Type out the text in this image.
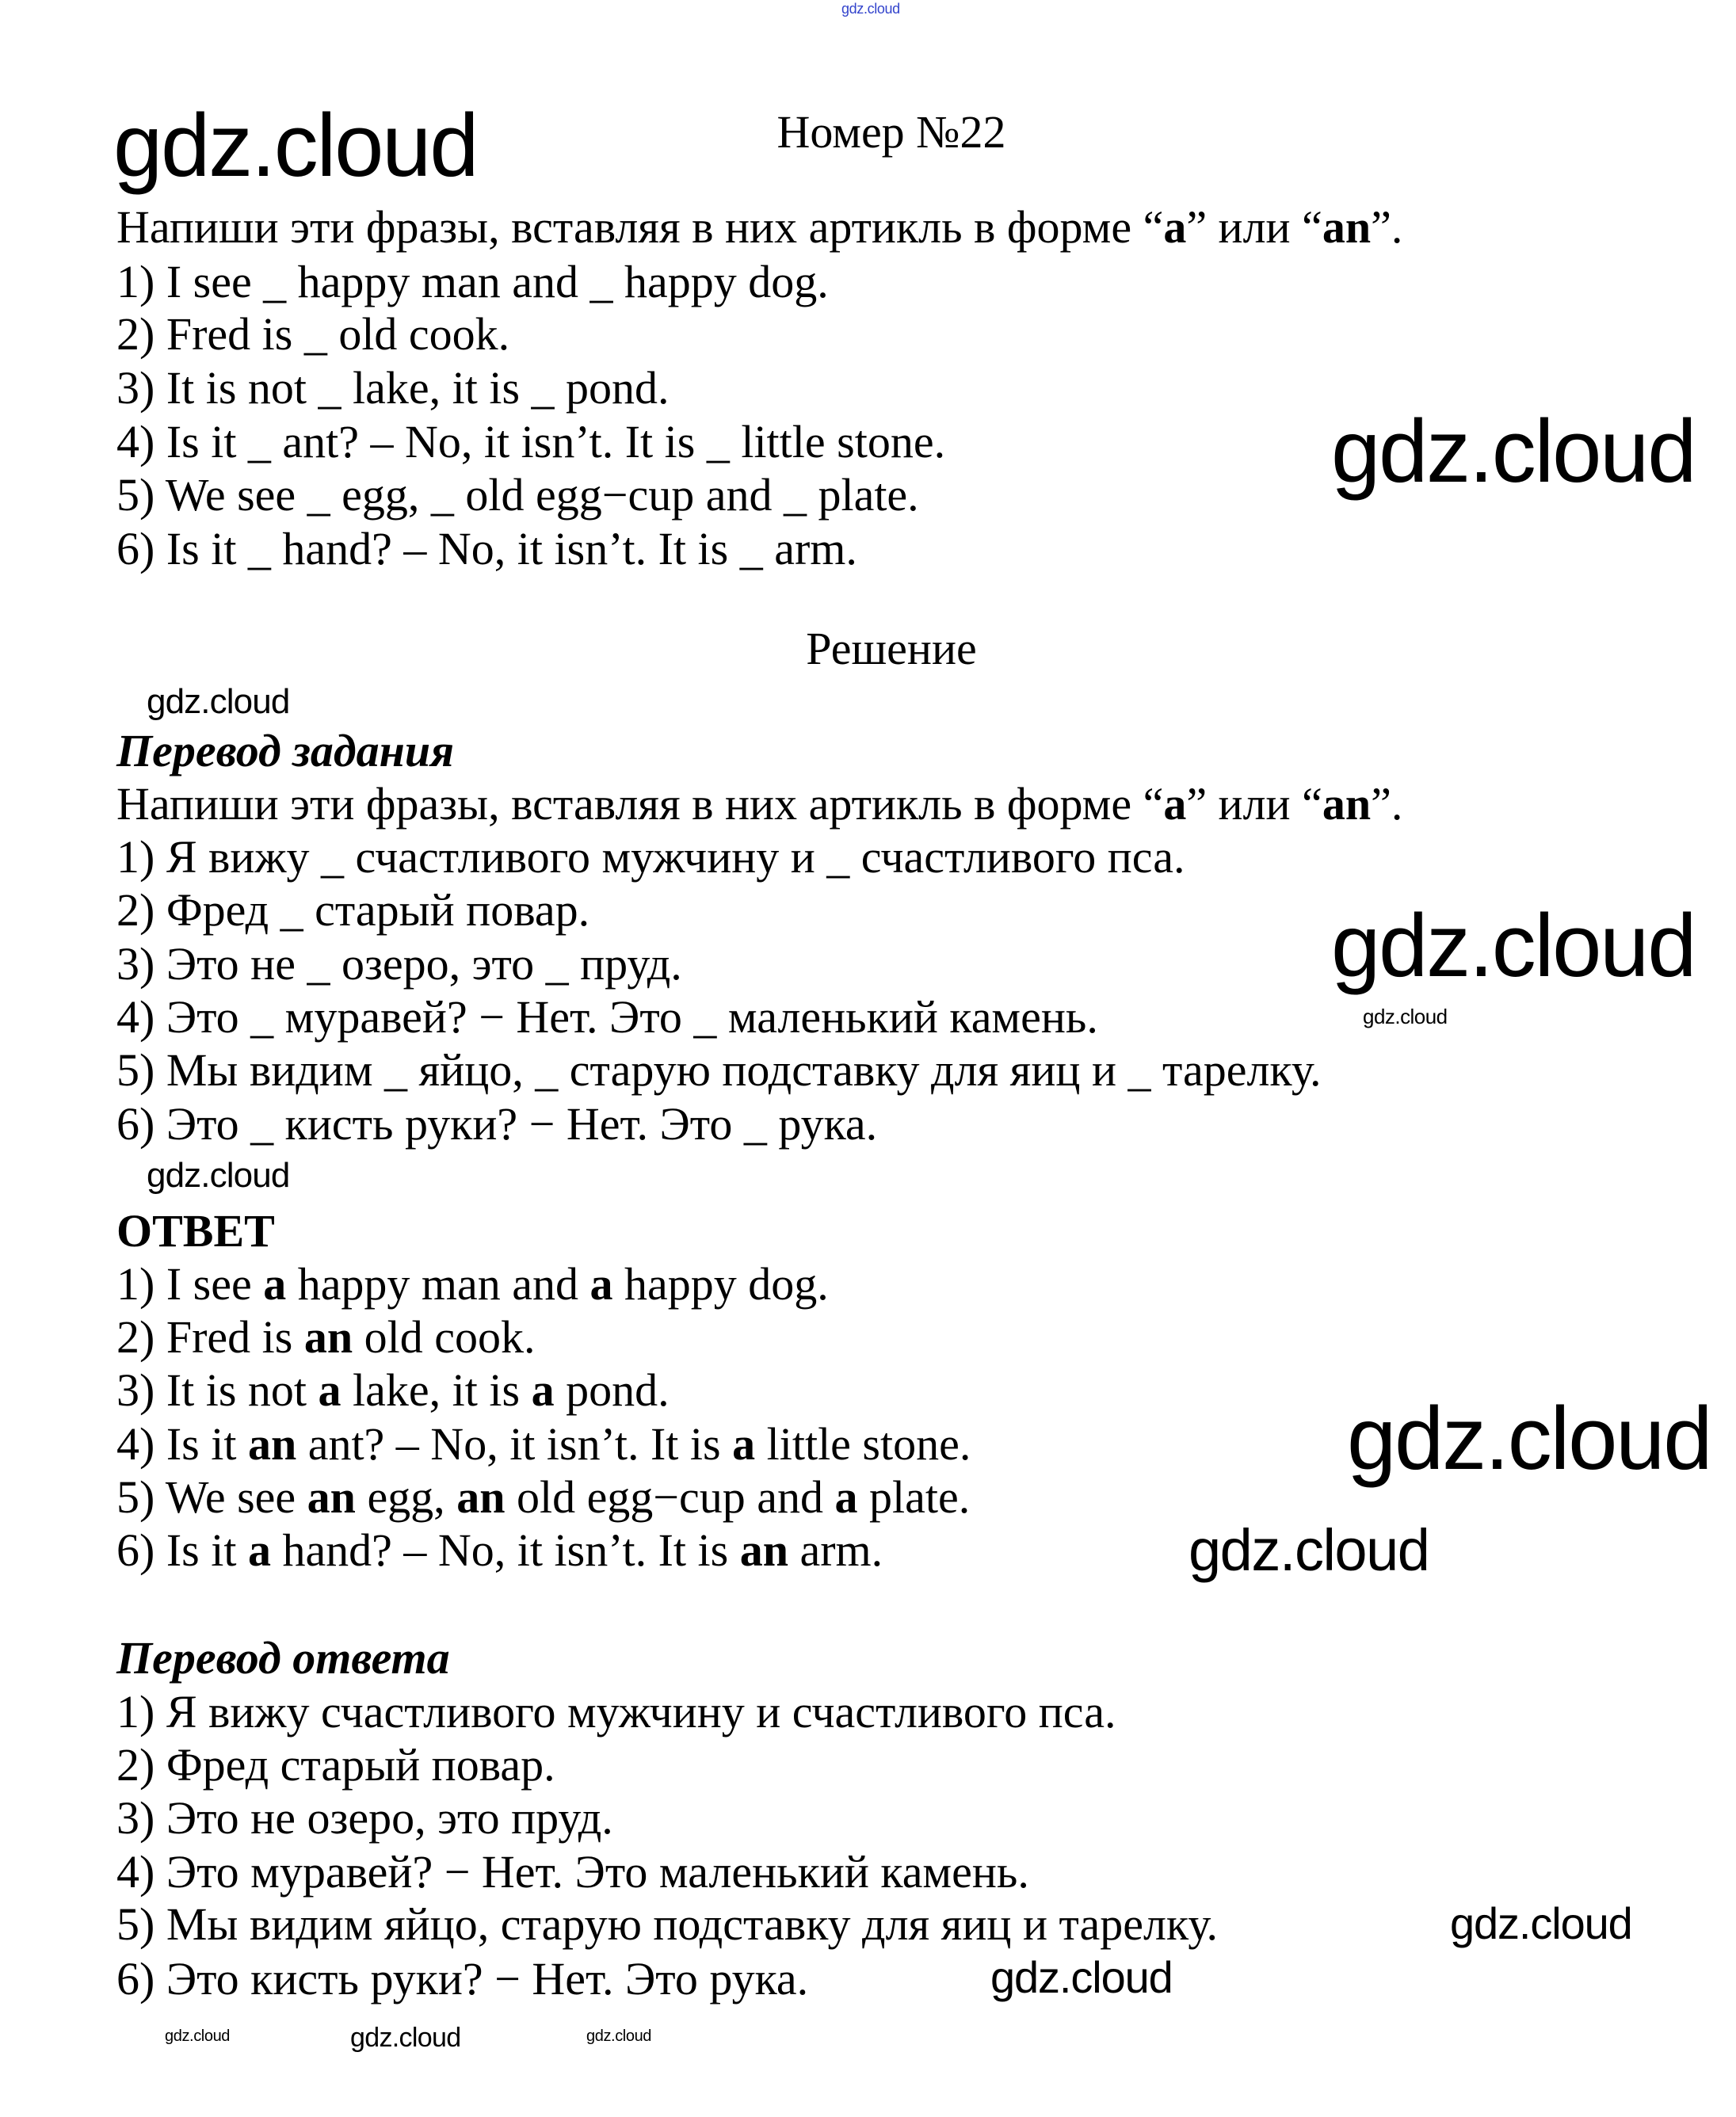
Номер №22
Напиши эти фразы, вставляя в них артикль в форме “a” или “an”.
1) I see _ happy man and _ happy dog.
2) Fred is _ old cook.
3) It is not _ lake, it is _ pond.
4) Is it _ ant? – No, it isn’t. It is _ little stone.
5) We see _ egg, _ old egg−cup and _ plate.
6) Is it _ hand? – No, it isn’t. It is _ arm.
Решение
Перевод задания
Напиши эти фразы, вставляя в них артикль в форме “a” или “an”.
1) Я вижу _ счастливого мужчину и _ счастливого пса.
2) Фред _ старый повар.
3) Это не _ озеро, это _ пруд.
4) Это _ муравей? − Нет. Это _ маленький камень.
5) Мы видим _ яйцо, _ старую подставку для яиц и _ тарелку.
6) Это _ кисть руки? − Нет. Это _ рука.
ОТВЕТ
1) I see a happy man and a happy dog.
2) Fred is an old cook.
3) It is not a lake, it is a pond.
4) Is it an ant? – No, it isn’t. It is a little stone.
5) We see an egg, an old egg−cup and a plate.
6) Is it a hand? – No, it isn’t. It is an arm.
Перевод ответа
1) Я вижу счастливого мужчину и счастливого пса.
2) Фред старый повар.
3) Это не озеро, это пруд.
4) Это муравей? − Нет. Это маленький камень.
5) Мы видим яйцо, старую подставку для яиц и тарелку.
6) Это кисть руки? − Нет. Это рука.
gdz.cloud
gdz.cloud
gdz.cloud
gdz.cloud
gdz.cloud
gdz.cloud
gdz.cloud
gdz.cloud
gdz.cloud
gdz.cloud
gdz.cloud
gdz.cloud	gdz.cloud	gdz.cloud
